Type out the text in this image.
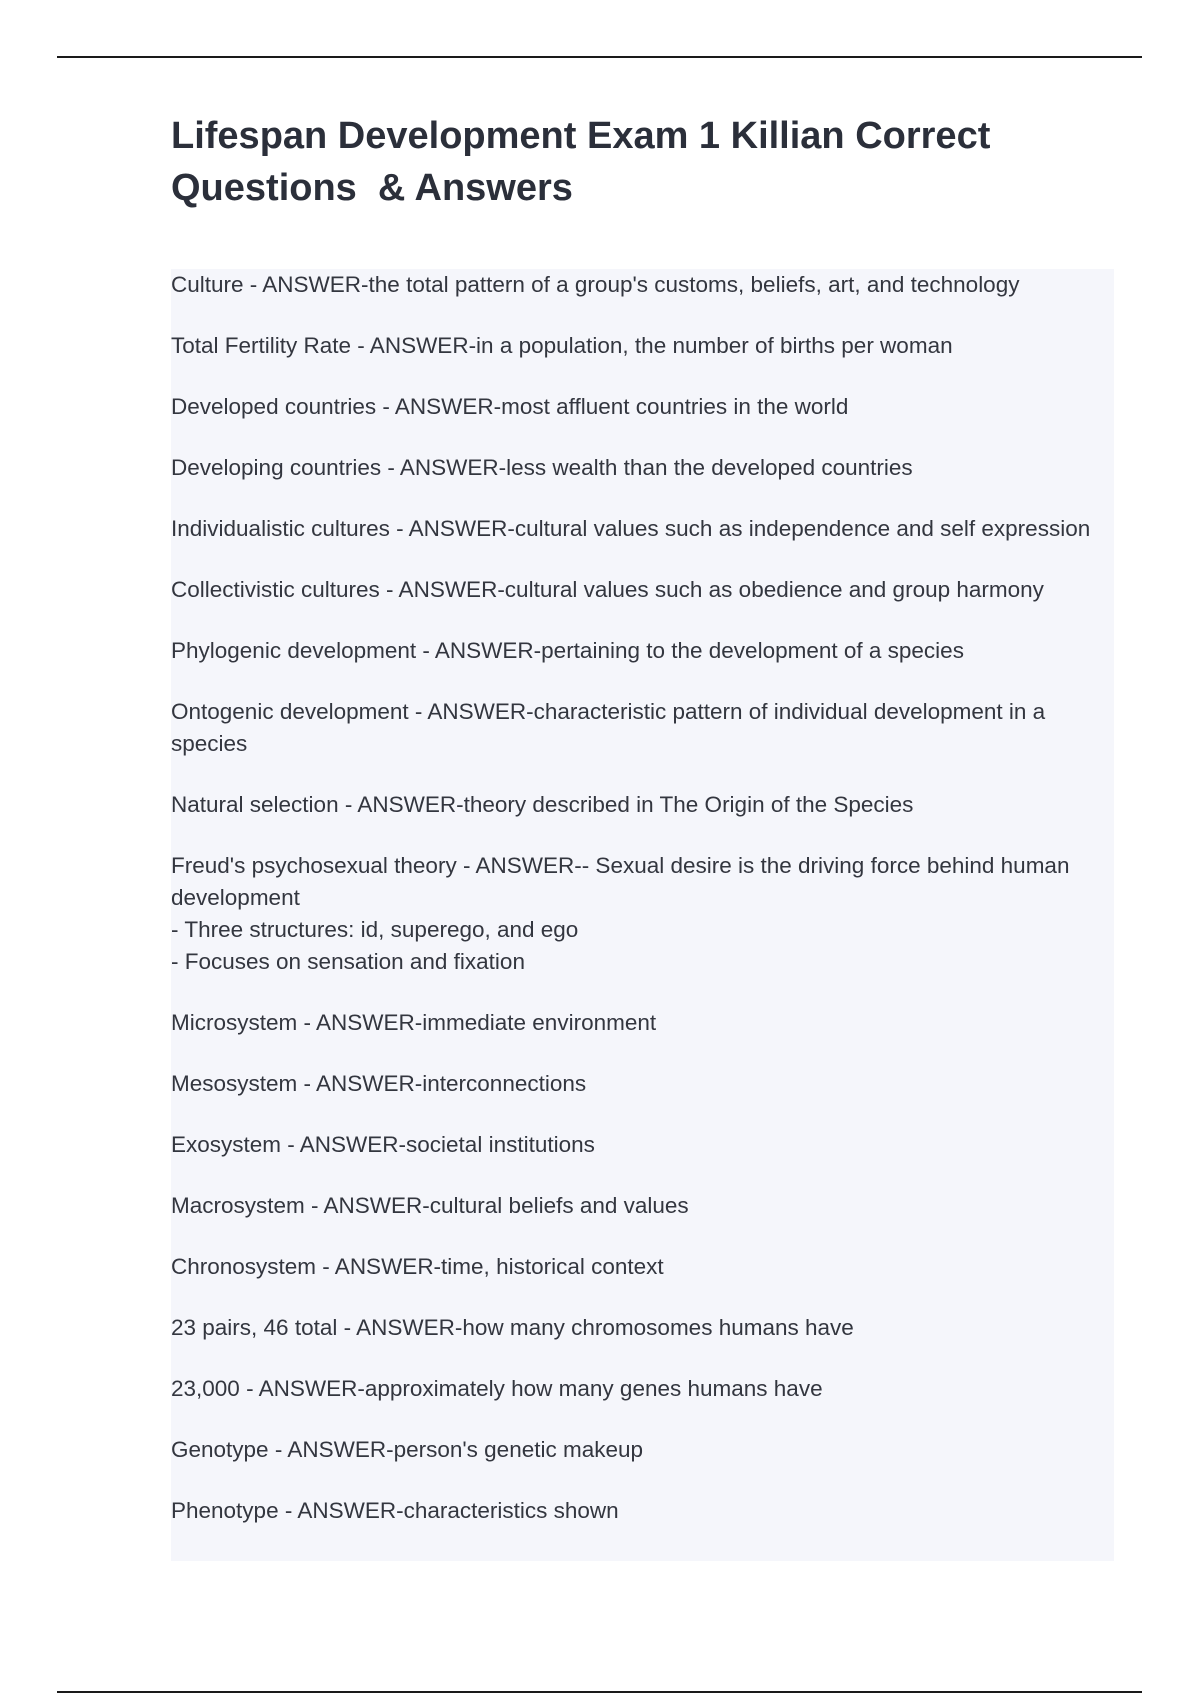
Lifespan Development Exam 1 Killian Correct Questions  & Answers
Culture - ANSWER-the total pattern of a group's customs, beliefs, art, and technology
Total Fertility Rate - ANSWER-in a population, the number of births per woman
Developed countries - ANSWER-most affluent countries in the world
Developing countries - ANSWER-less wealth than the developed countries
Individualistic cultures - ANSWER-cultural values such as independence and self expression
Collectivistic cultures - ANSWER-cultural values such as obedience and group harmony
Phylogenic development - ANSWER-pertaining to the development of a species
Ontogenic development - ANSWER-characteristic pattern of individual development in a species
Natural selection - ANSWER-theory described in The Origin of the Species
Freud's psychosexual theory - ANSWER-- Sexual desire is the driving force behind human development
- Three structures: id, superego, and ego
- Focuses on sensation and fixation
Microsystem - ANSWER-immediate environment
Mesosystem - ANSWER-interconnections
Exosystem - ANSWER-societal institutions
Macrosystem - ANSWER-cultural beliefs and values
Chronosystem - ANSWER-time, historical context
23 pairs, 46 total - ANSWER-how many chromosomes humans have
23,000 - ANSWER-approximately how many genes humans have
Genotype - ANSWER-person's genetic makeup
Phenotype - ANSWER-characteristics shown
